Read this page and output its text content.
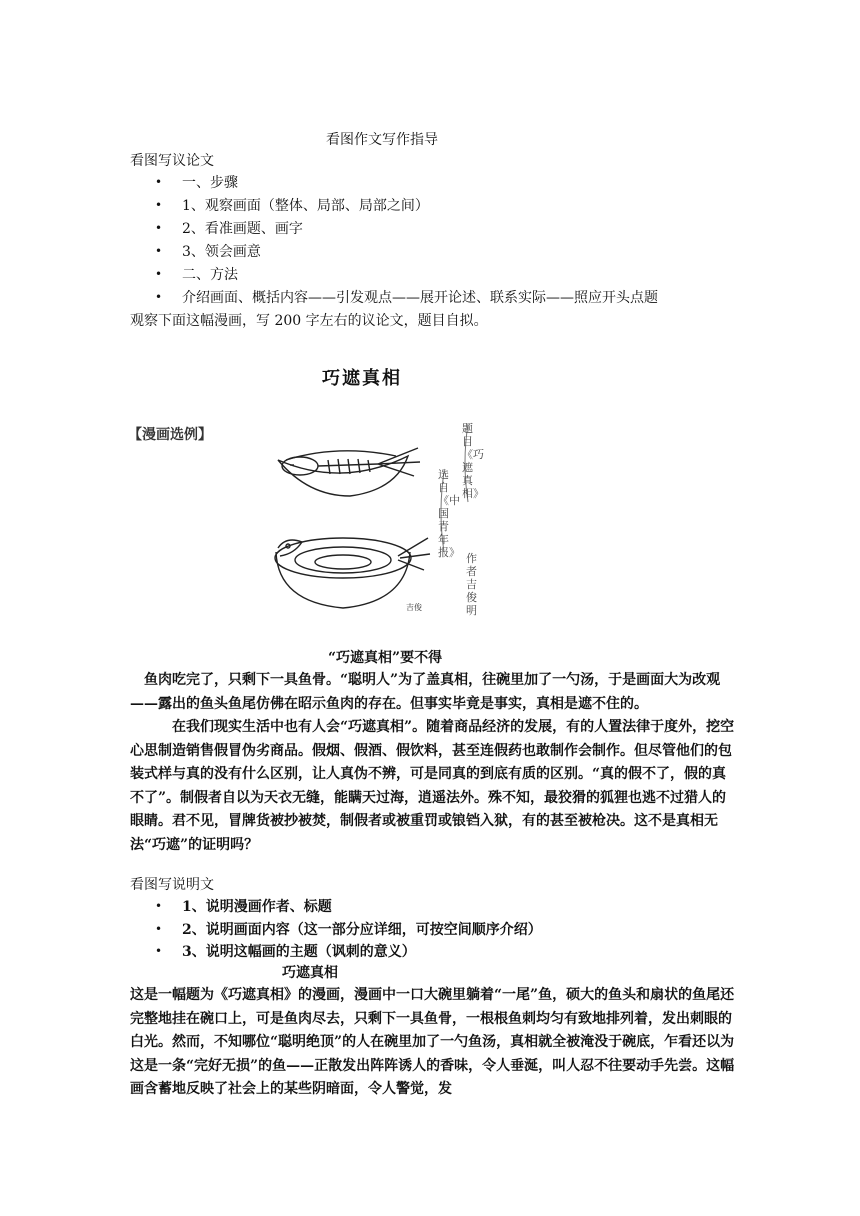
看图作文写作指导
看图写议论文
• 一、步骤
• 1、观察画面（整体、局部、局部之间）
• 2、看准画题、画字
• 3、领会画意
• 二、方法
• 介绍画面、概括内容——引发观点——展开论述、联系实际——照应开头点题
观察下面这幅漫画，写 200 字左右的议论文，题目自拟。
巧遮真相
【漫画选例】	题目《巧遮真相》
选自《中国青年报》 作者吉俊明
吉俊
“巧遮真相”要不得
鱼肉吃完了，只剩下一具鱼骨。“聪明人”为了盖真相，往碗里加了一勺汤，于是画面大为改观——露出的鱼头鱼尾仿佛在昭示鱼肉的存在。但事实毕竟是事实，真相是遮不住的。
在我们现实生活中也有人会“巧遮真相”。随着商品经济的发展，有的人置法律于度外，挖空心思制造销售假冒伪劣商品。假烟、假酒、假饮料，甚至连假药也敢制作会制作。但尽管他们的包装式样与真的没有什么区别，让人真伪不辨，可是同真的到底有质的区别。“真的假不了，假的真不了”。制假者自以为天衣无缝，能瞒天过海，逍遥法外。殊不知，最狡猾的狐狸也逃不过猎人的眼睛。君不见，冒牌货被抄被焚，制假者或被重罚或锒铛入狱，有的甚至被枪决。这不是真相无法“巧遮”的证明吗？
看图写说明文
• 1、说明漫画作者、标题
• 2、说明画面内容（这一部分应详细，可按空间顺序介绍）
• 3、说明这幅画的主题（讽刺的意义）
巧遮真相
这是一幅题为《巧遮真相》的漫画，漫画中一口大碗里躺着“一尾”鱼，硕大的鱼头和扇状的鱼尾还完整地挂在碗口上，可是鱼肉尽去，只剩下一具鱼骨，一根根鱼刺均匀有致地排列着，发出刺眼的白光。然而，不知哪位“聪明绝顶”的人在碗里加了一勺鱼汤，真相就全被淹没于碗底，乍看还以为这是一条“完好无损”的鱼——正散发出阵阵诱人的香味，令人垂涎，叫人忍不往要动手先尝。这幅画含蓄地反映了社会上的某些阴暗面，令人警觉，发
